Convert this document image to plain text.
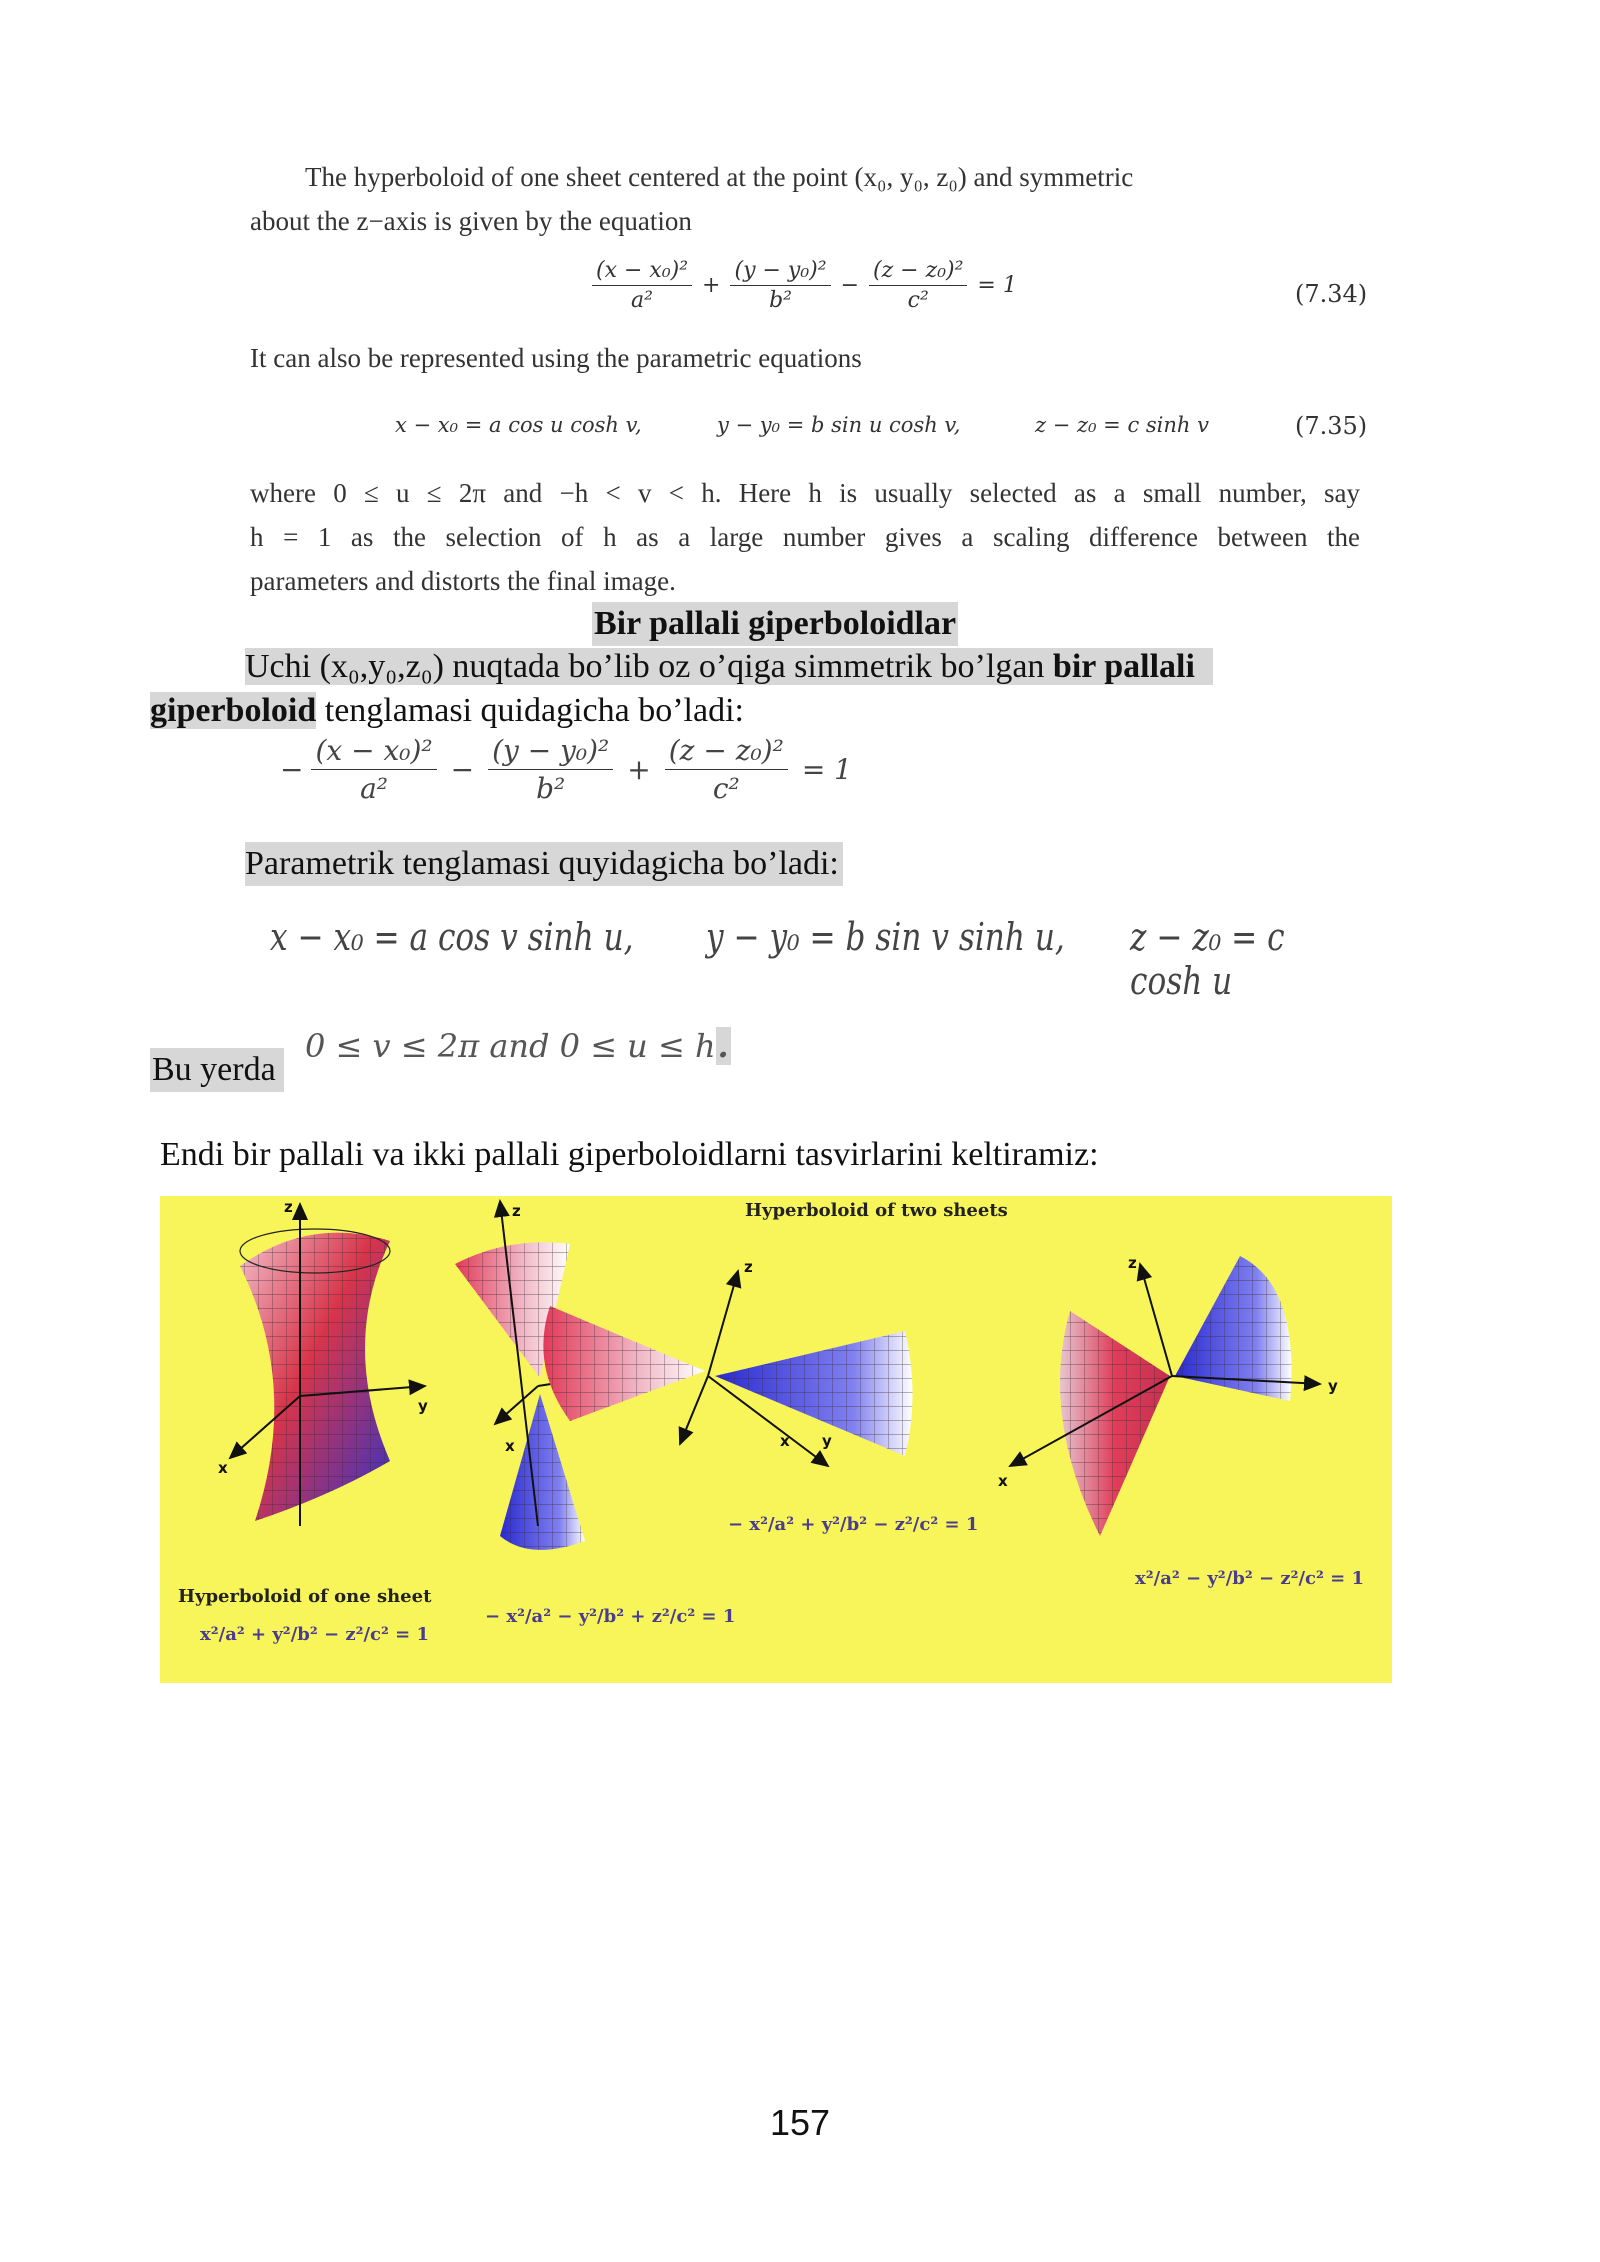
The hyperboloid of one sheet centered at the point (x₀, y₀, z₀) and symmetric
about the z−axis is given by the equation
$\frac{\text{(x − x₀)²}}{\text{a²}} + \frac{\text{(y − y₀)²}}{\text{b²}} - \frac{\text{(z − z₀)²}}{\text{c²}} = 1$	(7.34)
It can also be represented using the parametric equations
x − x₀ = a cos u cosh v,	y − y₀ = b sin u cosh v,	z − z₀ = c sinh v	(7.35)
where 0 ≤ u ≤ 2π and −h < v < h. Here h is usually selected as a small number, say
h = 1 as the selection of h as a large number gives a scaling difference between the
parameters and distorts the final image.
Bir pallali giperboloidlar
Uchi (x₀,y₀,z₀) nuqtada bo’lib oz o’qiga simmetrik bo’lgan bir pallali
giperboloid tenglamasi quidagicha bo’ladi:
− $\frac{\text{(x − x₀)²}}{\text{a²}} - \frac{\text{(y − y₀)²}}{\text{b²}} + \frac{\text{(z − z₀)²}}{\text{c²}} = 1$
Parametrik tenglamasi quyidagicha bo’ladi:
x − x₀ = a cos v sinh u, y − y₀ = b sin v sinh u, z − z₀ = c cosh u
Bu yerda
0 ≤ v ≤ 2π and 0 ≤ u ≤ h.
Endi bir pallali va ikki pallali giperboloidlarni tasvirlarini keltiramiz:
z
y
x
z
x
z
y
x
z
y
x
Hyperboloid of two sheets
Hyperboloid of one sheet
x²/a² + y²/b² − z²/c² = 1
− x²/a² − y²/b² + z²/c² = 1
− x²/a² + y²/b² − z²/c² = 1
x²/a² − y²/b² − z²/c² = 1
157
